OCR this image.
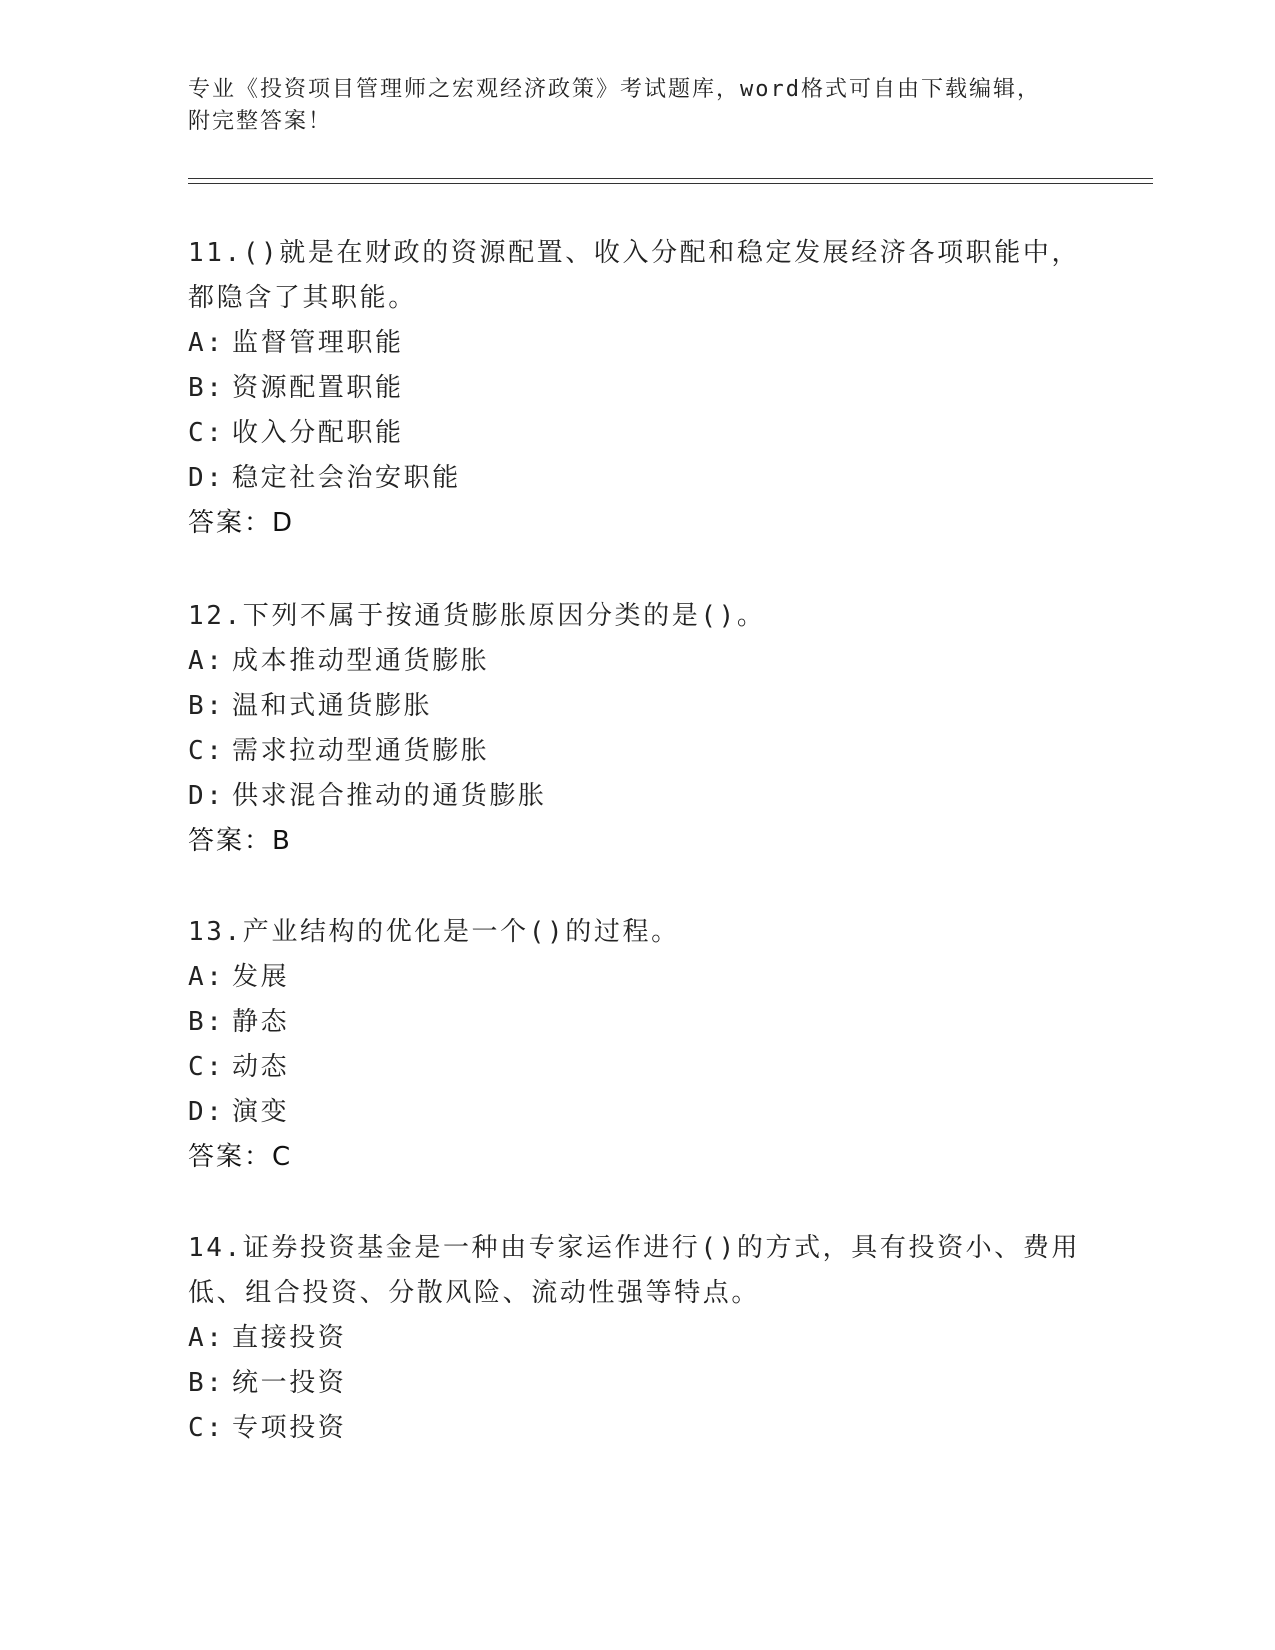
专业《投资项目管理师之宏观经济政策》考试题库，word格式可自由下载编辑，
附完整答案！
11.()就是在财政的资源配置、收入分配和稳定发展经济各项职能中，
都隐含了其职能。
A: 监督管理职能
B: 资源配置职能
C: 收入分配职能
D: 稳定社会治安职能
答案：D
12.下列不属于按通货膨胀原因分类的是()。
A: 成本推动型通货膨胀
B: 温和式通货膨胀
C: 需求拉动型通货膨胀
D: 供求混合推动的通货膨胀
答案：B
13.产业结构的优化是一个()的过程。
A: 发展
B: 静态
C: 动态
D: 演变
答案：C
14.证券投资基金是一种由专家运作进行()的方式，具有投资小、费用
低、组合投资、分散风险、流动性强等特点。
A: 直接投资
B: 统一投资
C: 专项投资
